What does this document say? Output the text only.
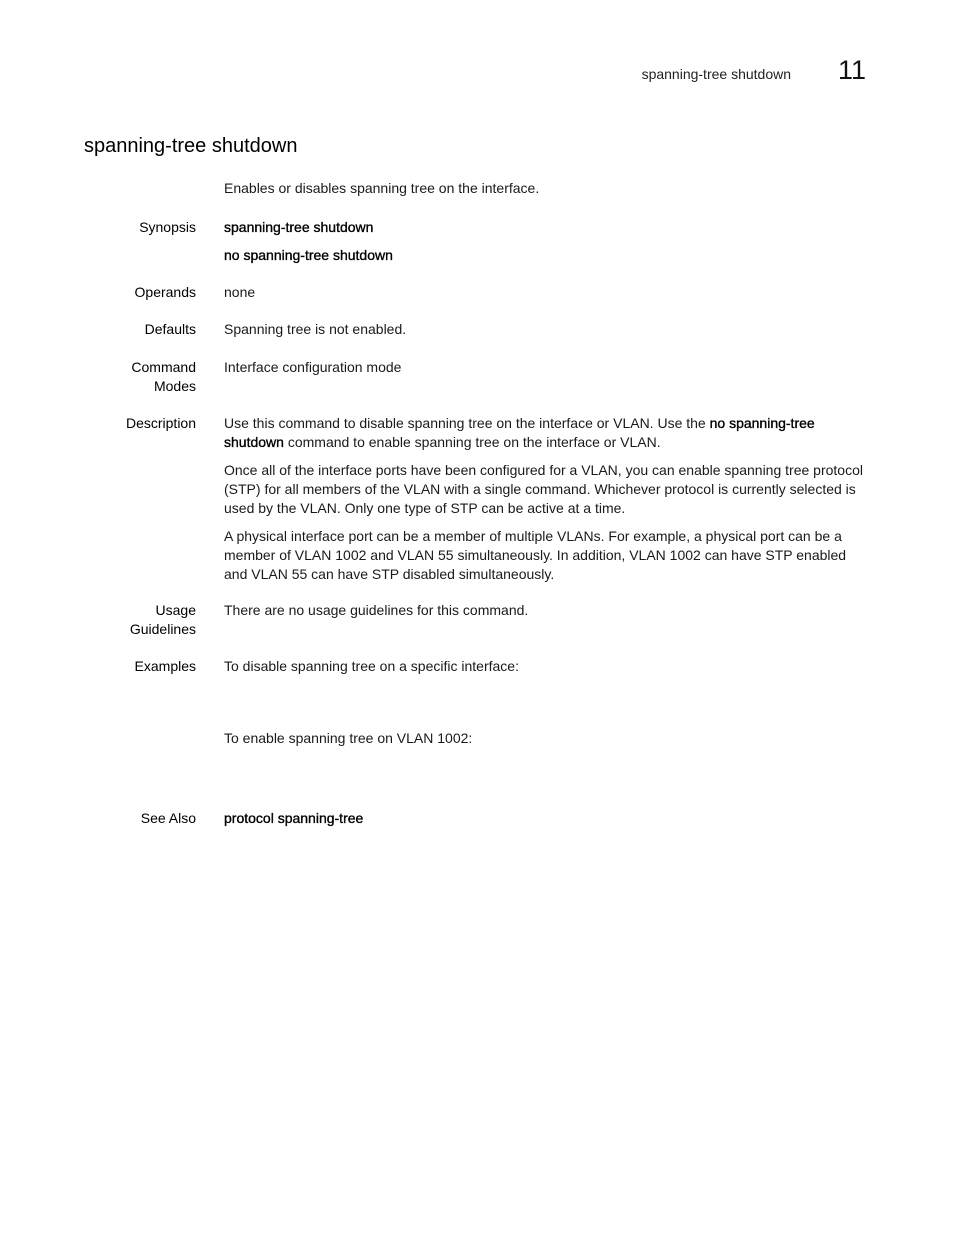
spanning-tree shutdown 11
spanning-tree shutdown
Enables or disables spanning tree on the interface.
Synopsis spanning-tree shutdown

no spanning-tree shutdown

Operands none
Defaults Spanning tree is not enabled.
Command
Modes
Interface configuration mode
Description Use this command to disable spanning tree on the interface or VLAN. Use the no spanning-tree
shutdown command to enable spanning tree on the interface or VLAN.

Once all of the interface ports have been configured for a VLAN, you can enable spanning tree protocol (STP) for all members of the VLAN with a single command. Whichever protocol is currently selected is used by the VLAN. Only one type of STP can be active at a time.

A physical interface port can be a member of multiple VLANs. For example, a physical port can be a member of VLAN 1002 and VLAN 55 simultaneously. In addition, VLAN 1002 can have STP enabled and VLAN 55 can have STP disabled simultaneously.

Usage
Guidelines
There are no usage guidelines for this command.
Examples To disable spanning tree on a specific interface:
To enable spanning tree on VLAN 1002:
See Also protocol spanning-tree
